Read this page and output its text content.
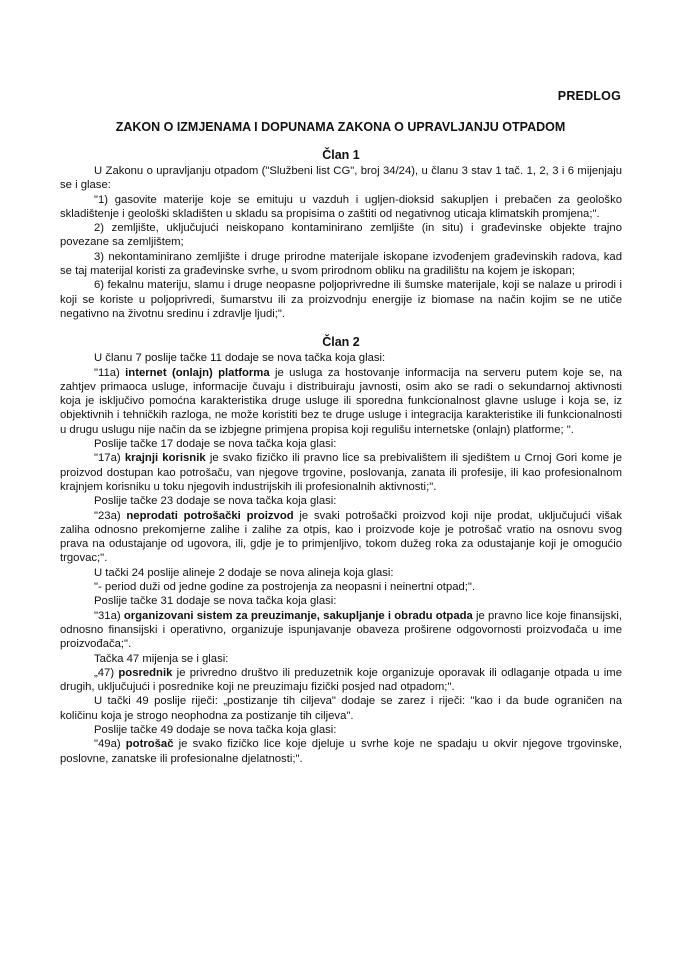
PREDLOG
ZAKON O IZMJENAMA I DOPUNAMA ZAKONA O UPRAVLJANJU OTPADOM
Član 1

U Zakonu o upravljanju otpadom ("Službeni list CG", broj 34/24), u članu 3 stav 1 tač. 1, 2, 3 i 6 mijenjaju se i glase:

"1) gasovite materije koje se emituju u vazduh i ugljen-dioksid sakupljen i prebačen za geološko skladištenje i geološki skladišten u skladu sa propisima o zaštiti od negativnog uticaja klimatskih promjena;".

2) zemljište, uključujući neiskopano kontaminirano zemljište (in situ) i građevinske objekte trajno povezane sa zemljištem;

3) nekontaminirano zemljište i druge prirodne materijale iskopane izvođenjem građevinskih radova, kad se taj materijal koristi za građevinske svrhe, u svom prirodnom obliku na gradilištu na kojem je iskopan;

6) fekalnu materiju, slamu i druge neopasne poljoprivredne ili šumske materijale, koji se nalaze u prirodi i koji se koriste u poljoprivredi, šumarstvu ili za proizvodnju energije iz biomase na način kojim se ne utiče negativno na životnu sredinu i zdravlje ljudi;".

Član 2

U članu 7 poslije tačke 11 dodaje se nova tačka koja glasi:

"11a) internet (onlajn) platforma je usluga za hostovanje informacija na serveru putem koje se, na zahtjev primaoca usluge, informacije čuvaju i distribuiraju javnosti, osim ako se radi o sekundarnoj aktivnosti koja je isključivo pomoćna karakteristika druge usluge ili sporedna funkcionalnost glavne usluge i koja se, iz objektivnih i tehničkih razloga, ne može koristiti bez te druge usluge i integracija karakteristike ili funkcionalnosti u drugu uslugu nije način da se izbjegne primjena propisa koji regulišu internetske (onlajn) platforme; ".

Poslije tačke 17 dodaje se nova tačka koja glasi:

"17a) krajnji korisnik je svako fizičko ili pravno lice sa prebivalištem ili sjedištem u Crnoj Gori kome je proizvod dostupan kao potrošaču, van njegove trgovine, poslovanja, zanata ili profesije, ili kao profesionalnom krajnjem korisniku u toku njegovih industrijskih ili profesionalnih aktivnosti;".

Poslije tačke 23 dodaje se nova tačka koja glasi:

"23a) neprodati potrošački proizvod je svaki potrošački proizvod koji nije prodat, uključujući višak zaliha odnosno prekomjerne zalihe i zalihe za otpis, kao i proizvode koje je potrošač vratio na osnovu svog prava na odustajanje od ugovora, ili, gdje je to primjenljivo, tokom dužeg roka za odustajanje koji je omogućio trgovac;".

U tački 24 poslije alineje 2 dodaje se nova alineja koja glasi:

"- period duži od jedne godine za postrojenja za neopasni i neinertni otpad;".

Poslije tačke 31 dodaje se nova tačka koja glasi:

"31a) organizovani sistem za preuzimanje, sakupljanje i obradu otpada je pravno lice koje finansijski, odnosno finansijski i operativno, organizuje ispunjavanje obaveza proširene odgovornosti proizvođača u ime proizvođača;".

Tačka 47 mijenja se i glasi:

„47) posrednik je privredno društvo ili preduzetnik koje organizuje oporavak ili odlaganje otpada u ime drugih, uključujući i posrednike koji ne preuzimaju fizički posjed nad otpadom;".

U tački 49 poslije riječi: „postizanje tih ciljeva" dodaje se zarez i riječi: "kao i da bude ograničen na količinu koja je strogo neophodna za postizanje tih ciljeva".

Poslije tačke 49 dodaje se nova tačka koja glasi:

"49a) potrošač je svako fizičko lice koje djeluje u svrhe koje ne spadaju u okvir njegove trgovinske, poslovne, zanatske ili profesionalne djelatnosti;".
